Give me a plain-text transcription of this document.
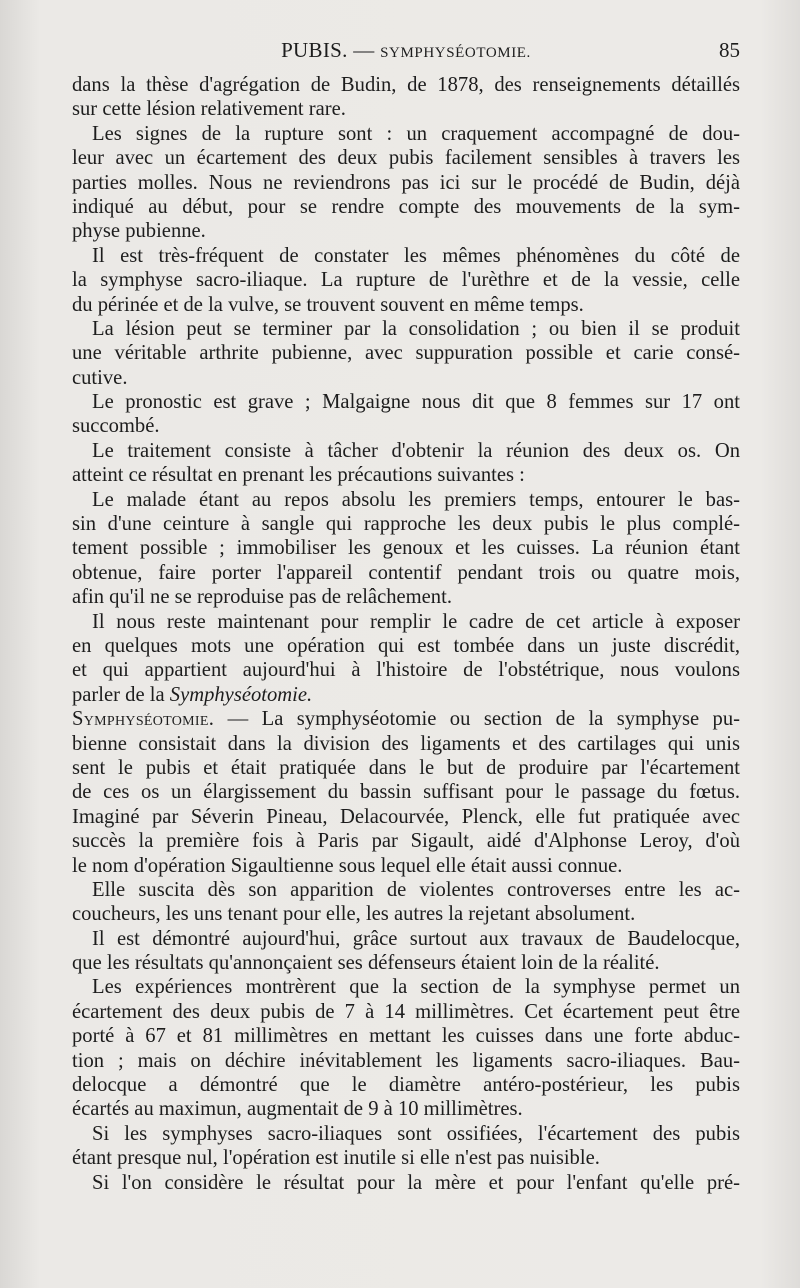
PUBIS. — SYMPHYSÉOTOMIE.	85
dans la thèse d'agrégation de Budin, de 1878, des renseignements détaillés
sur cette lésion relativement rare.
Les signes de la rupture sont : un craquement accompagné de dou-
leur avec un écartement des deux pubis facilement sensibles à travers les
parties molles. Nous ne reviendrons pas ici sur le procédé de Budin, déjà
indiqué au début, pour se rendre compte des mouvements de la sym-
physe pubienne.
Il est très-fréquent de constater les mêmes phénomènes du côté de
la symphyse sacro-iliaque. La rupture de l'urèthre et de la vessie, celle
du périnée et de la vulve, se trouvent souvent en même temps.
La lésion peut se terminer par la consolidation ; ou bien il se produit
une véritable arthrite pubienne, avec suppuration possible et carie consé-
cutive.
Le pronostic est grave ; Malgaigne nous dit que 8 femmes sur 17 ont
succombé.
Le traitement consiste à tâcher d'obtenir la réunion des deux os. On
atteint ce résultat en prenant les précautions suivantes :
Le malade étant au repos absolu les premiers temps, entourer le bas-
sin d'une ceinture à sangle qui rapproche les deux pubis le plus complé-
tement possible ; immobiliser les genoux et les cuisses. La réunion étant
obtenue, faire porter l'appareil contentif pendant trois ou quatre mois,
afin qu'il ne se reproduise pas de relâchement.
Il nous reste maintenant pour remplir le cadre de cet article à exposer
en quelques mots une opération qui est tombée dans un juste discrédit,
et qui appartient aujourd'hui à l'histoire de l'obstétrique, nous voulons
parler de la Symphyséotomie.
Symphyséotomie. — La symphyséotomie ou section de la symphyse pu-
bienne consistait dans la division des ligaments et des cartilages qui unis
sent le pubis et était pratiquée dans le but de produire par l'écartement
de ces os un élargissement du bassin suffisant pour le passage du fœtus.
Imaginé par Séverin Pineau, Delacourvée, Plenck, elle fut pratiquée avec
succès la première fois à Paris par Sigault, aidé d'Alphonse Leroy, d'où
le nom d'opération Sigaultienne sous lequel elle était aussi connue.
Elle suscita dès son apparition de violentes controverses entre les ac-
coucheurs, les uns tenant pour elle, les autres la rejetant absolument.
Il est démontré aujourd'hui, grâce surtout aux travaux de Baudelocque,
que les résultats qu'annonçaient ses défenseurs étaient loin de la réalité.
Les expériences montrèrent que la section de la symphyse permet un
écartement des deux pubis de 7 à 14 millimètres. Cet écartement peut être
porté à 67 et 81 millimètres en mettant les cuisses dans une forte abduc-
tion ; mais on déchire inévitablement les ligaments sacro-iliaques. Bau-
delocque a démontré que le diamètre antéro-postérieur, les pubis
écartés au maximun, augmentait de 9 à 10 millimètres.
Si les symphyses sacro-iliaques sont ossifiées, l'écartement des pubis
étant presque nul, l'opération est inutile si elle n'est pas nuisible.
Si l'on considère le résultat pour la mère et pour l'enfant qu'elle pré-
